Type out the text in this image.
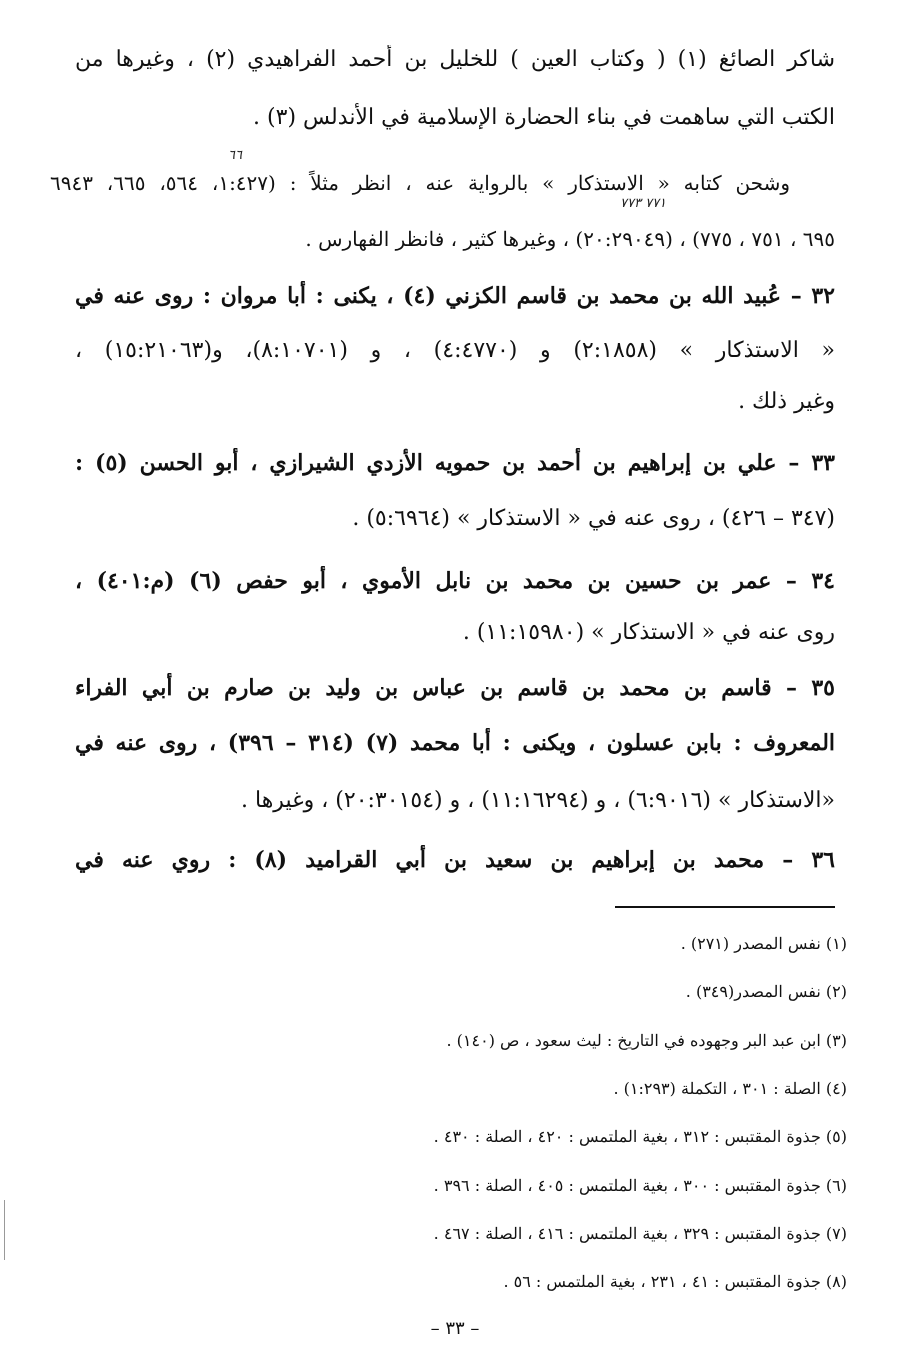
شاكر الصائغ (١) ( وكتاب العين ) للخليل بن أحمد الفراهيدي (٢) ، وغيرها من
الكتب التي ساهمت في بناء الحضارة الإسلامية في الأندلس (٣) .
وشحن كتابه « الاستذكار » بالرواية عنه ، انظر مثلاً : (١:٤٢٧، ٥٦٤، ٦٦٥، ٦٩٤٣
٦٩٥ ، ٧٥١ ، ٧٧٥) ، (٢٠:٢٩٠٤٩) ، وغيرها كثير ، فانظر الفهارس .
٣٢ – عُبيد الله بن محمد بن قاسم الكزني (٤) ، يكنى : أبا مروان : روى عنه في
« الاستذكار » (٢:١٨٥٨) و (٤:٤٧٧٠) ، و (٨:١٠٧٠١)، و(١٥:٢١٠٦٣) ،
وغير ذلك .
٣٣ – علي بن إبراهيم بن أحمد بن حمويه الأزدي الشيرازي ، أبو الحسن (٥) :
(٣٤٧ – ٤٢٦) ، روى عنه في « الاستذكار » (٥:٦٩٦٤) .
٣٤ – عمر بن حسين بن محمد بن نابل الأموي ، أبو حفص (٦) (م:٤٠١) ،
روى عنه في « الاستذكار » (١١:١٥٩٨٠) .
٣٥ – قاسم بن محمد بن قاسم بن عباس بن وليد بن صارم بن أبي الفراء
المعروف : بابن عسلون ، ويكنى : أبا محمد (٧) (٣١٤ – ٣٩٦) ، روى عنه في
«الاستذكار » (٦:٩٠١٦) ، و (١١:١٦٢٩٤) ، و (٢٠:٣٠١٥٤) ، وغيرها .
٣٦ – محمد بن إبراهيم بن سعيد بن أبي القراميد (٨) : روي عنه في
٦٦
٧٧١ ٧٧٣
(١) نفس المصدر (٢٧١) .
(٢) نفس المصدر(٣٤٩) .
(٣) ابن عبد البر وجهوده في التاريخ : ليث سعود ، ص (١٤٠) .
(٤) الصلة : ٣٠١ ، التكملة (١:٢٩٣) .
(٥) جذوة المقتبس : ٣١٢ ، بغية الملتمس : ٤٢٠ ، الصلة : ٤٣٠ .
(٦) جذوة المقتبس : ٣٠٠ ، بغية الملتمس : ٤٠٥ ، الصلة : ٣٩٦ .
(٧) جذوة المقتبس : ٣٢٩ ، بغية الملتمس : ٤١٦ ، الصلة : ٤٦٧ .
(٨) جذوة المقتبس : ٤١ ، ٢٣١ ، بغية الملتمس : ٥٦ .
– ٣٣ –
